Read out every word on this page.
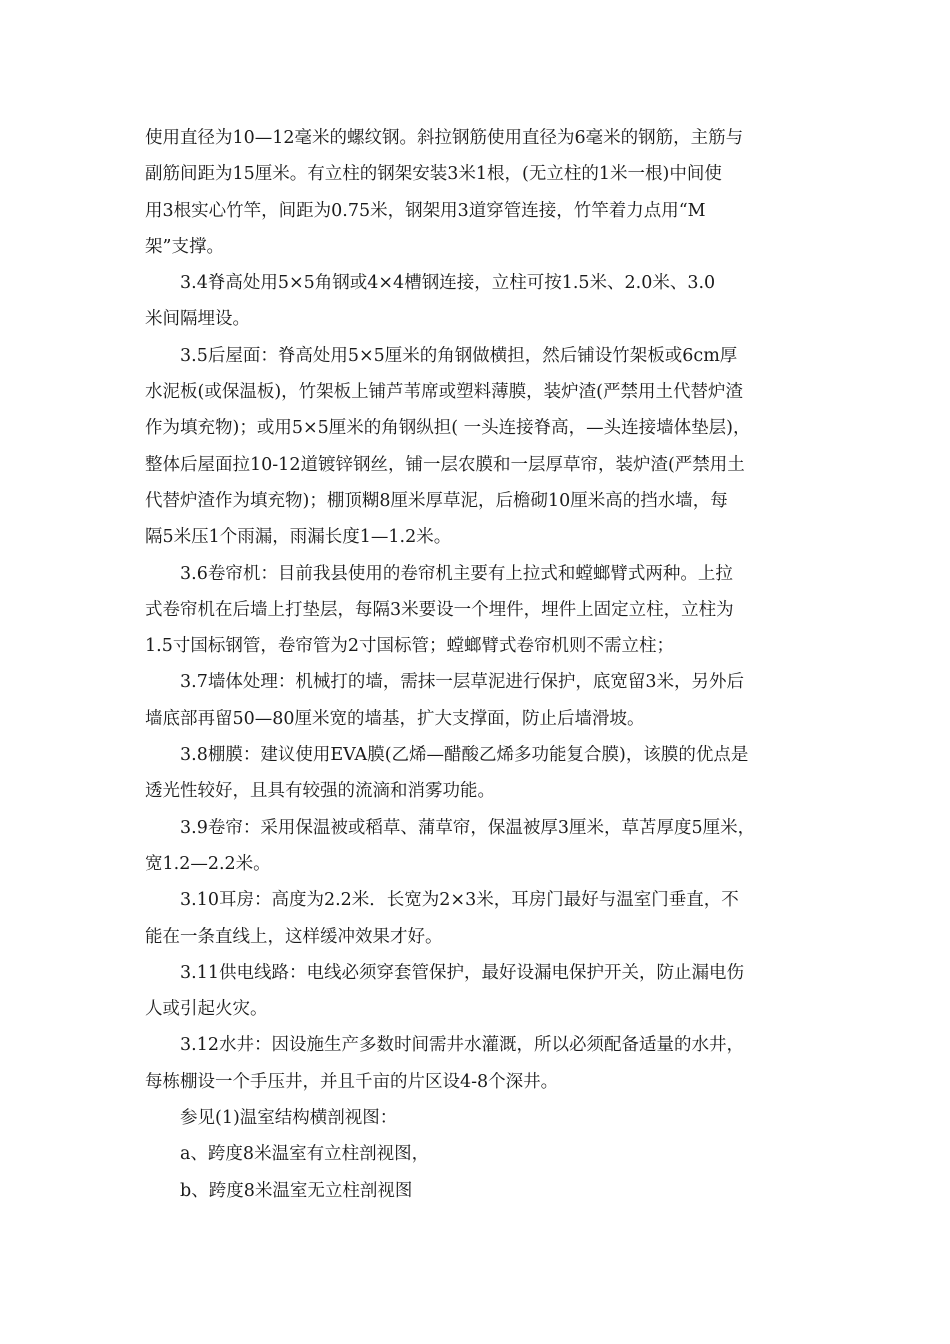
使用直径为10—12毫米的螺纹钢。斜拉钢筋使用直径为6毫米的钢筋，主筋与
副筋间距为15厘米。有立柱的钢架安装3米1根，(无立柱的1米一根)中间使
用3根实心竹竿，间距为0.75米，钢架用3道穿管连接，竹竿着力点用“M
架”支撑。
3.4脊高处用5×5角钢或4×4槽钢连接，立柱可按1.5米、2.0米、3.0
米间隔埋设。
3.5后屋面：脊高处用5×5厘米的角钢做横担，然后铺设竹架板或6cm厚
水泥板(或保温板)，竹架板上铺芦苇席或塑料薄膜，装炉渣(严禁用土代替炉渣
作为填充物)；或用5×5厘米的角钢纵担( 一头连接脊高，—头连接墙体垫层)，
整体后屋面拉10-12道镀锌钢丝，铺一层农膜和一层厚草帘，装炉渣(严禁用土
代替炉渣作为填充物)；棚顶糊8厘米厚草泥，后檐砌10厘米高的挡水墙，每
隔5米压1个雨漏，雨漏长度1—1.2米。
3.6卷帘机：目前我县使用的卷帘机主要有上拉式和螳螂臂式两种。上拉
式卷帘机在后墙上打垫层，每隔3米要设一个埋件，埋件上固定立柱，立柱为
1.5寸国标钢管，卷帘管为2寸国标管；螳螂臂式卷帘机则不需立柱；
3.7墙体处理：机械打的墙，需抹一层草泥进行保护，底宽留3米，另外后
墙底部再留50—80厘米宽的墙基，扩大支撑面，防止后墙滑坡。
3.8棚膜：建议使用EVA膜(乙烯—醋酸乙烯多功能复合膜)，该膜的优点是
透光性较好，且具有较强的流滴和消雾功能。
3.9卷帘：采用保温被或稻草、蒲草帘，保温被厚3厘米，草苫厚度5厘米，
宽1.2—2.2米。
3.10耳房：高度为2.2米．长宽为2×3米，耳房门最好与温室门垂直，不
能在一条直线上，这样缓冲效果才好。
3.11供电线路：电线必须穿套管保护，最好设漏电保护开关，防止漏电伤
人或引起火灾。
3.12水井：因设施生产多数时间需井水灌溉，所以必须配备适量的水井，
每栋棚设一个手压井，并且千亩的片区设4-8个深井。
参见(1)温室结构横剖视图：
a、跨度8米温室有立柱剖视图，
b、跨度8米温室无立柱剖视图
